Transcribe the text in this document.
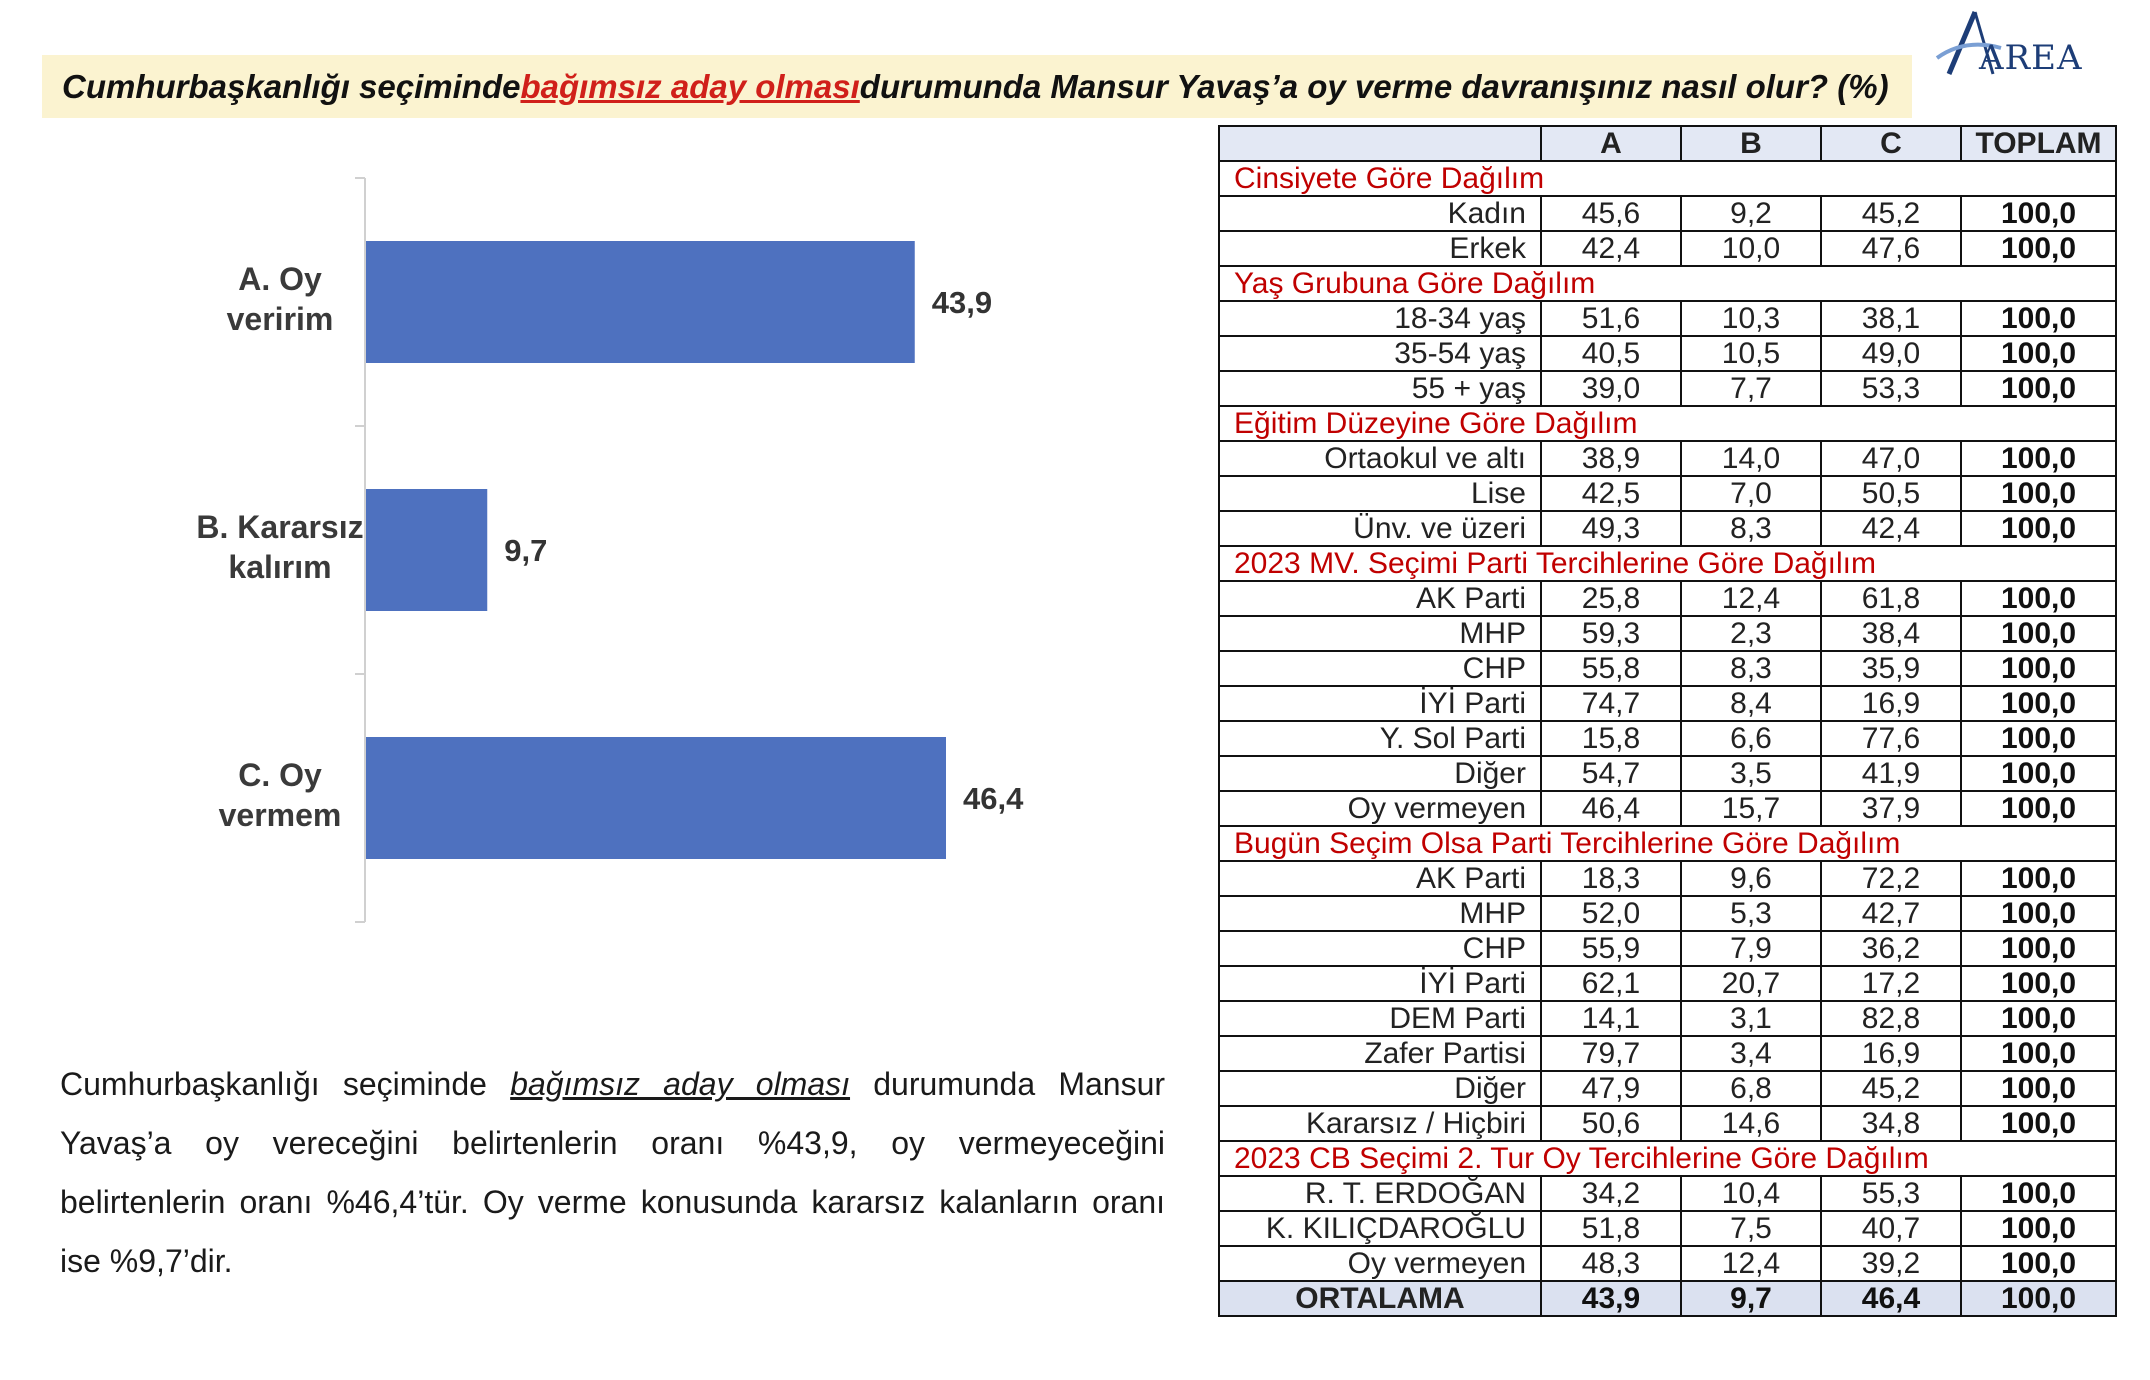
Cumhurbaşkanlığı seçiminde bağımsız aday olması durumunda Mansur Yavaş’a oy verme davranışınız nasıl olur? (%)
AREA
43,9
A. Oy
veririm
9,7
B. Kararsız
kalırım
46,4
C. Oy
vermem
Cumhurbaşkanlığı seçiminde bağımsız aday olması durumunda Mansur Yavaş’a oy vereceğini belirtenlerin oranı %43,9, oy vermeyeceğini belirtenlerin oranı %46,4’tür. Oy verme konusunda kararsız kalanların oranı ise %9,7’dir.
	A	B	C	TOPLAM
Cinsiyete Göre Dağılım				
Kadın	45,6	9,2	45,2	100,0
Erkek	42,4	10,0	47,6	100,0
Yaş Grubuna Göre Dağılım				
18-34 yaş	51,6	10,3	38,1	100,0
35-54 yaş	40,5	10,5	49,0	100,0
55 + yaş	39,0	7,7	53,3	100,0
Eğitim Düzeyine Göre Dağılım				
Ortaokul ve altı	38,9	14,0	47,0	100,0
Lise	42,5	7,0	50,5	100,0
Ünv. ve üzeri	49,3	8,3	42,4	100,0
2023 MV. Seçimi Parti Tercihlerine Göre Dağılım				
AK Parti	25,8	12,4	61,8	100,0
MHP	59,3	2,3	38,4	100,0
CHP	55,8	8,3	35,9	100,0
İYİ Parti	74,7	8,4	16,9	100,0
Y. Sol Parti	15,8	6,6	77,6	100,0
Diğer	54,7	3,5	41,9	100,0
Oy vermeyen	46,4	15,7	37,9	100,0
Bugün Seçim Olsa Parti Tercihlerine Göre Dağılım				
AK Parti	18,3	9,6	72,2	100,0
MHP	52,0	5,3	42,7	100,0
CHP	55,9	7,9	36,2	100,0
İYİ Parti	62,1	20,7	17,2	100,0
DEM Parti	14,1	3,1	82,8	100,0
Zafer Partisi	79,7	3,4	16,9	100,0
Diğer	47,9	6,8	45,2	100,0
Kararsız / Hiçbiri	50,6	14,6	34,8	100,0
2023 CB Seçimi 2. Tur Oy Tercihlerine Göre Dağılım				
R. T. ERDOĞAN	34,2	10,4	55,3	100,0
K. KILIÇDAROĞLU	51,8	7,5	40,7	100,0
Oy vermeyen	48,3	12,4	39,2	100,0
ORTALAMA	43,9	9,7	46,4	100,0
